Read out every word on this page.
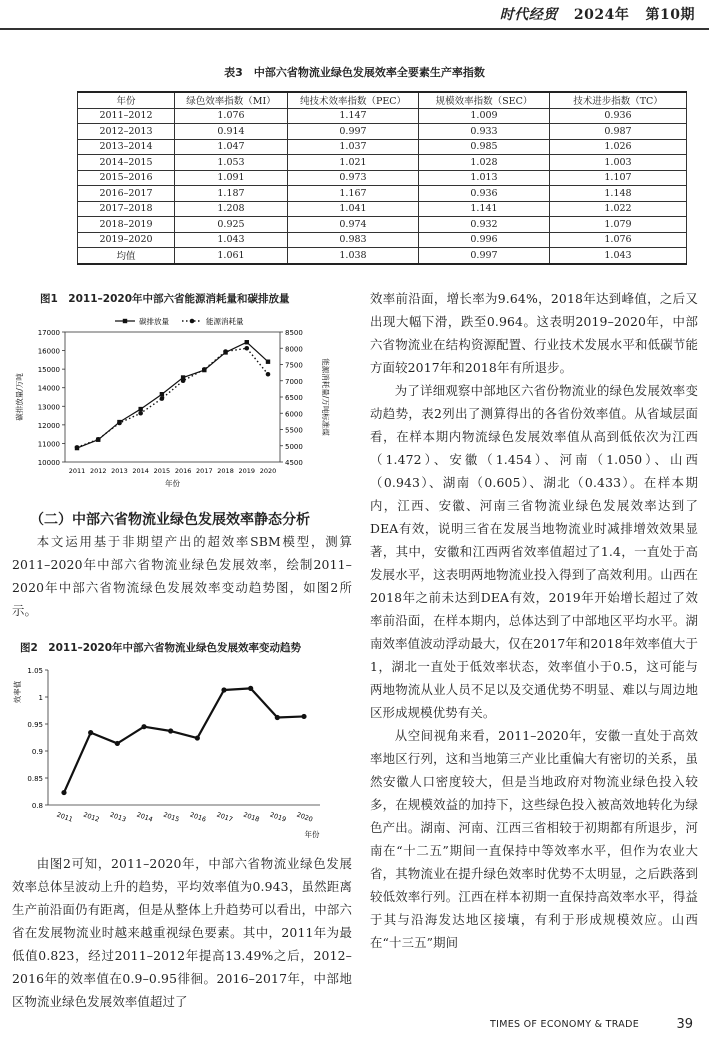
时代经贸 2024年 第10期
表3　中部六省物流业绿色发展效率全要素生产率指数
年份	绿色效率指数（MI）	纯技术效率指数（PEC）	规模效率指数（SEC）	技术进步指数（TC）
2011–2012	1.076	1.147	1.009	0.936
2012–2013	0.914	0.997	0.933	0.987
2013–2014	1.047	1.037	0.985	1.026
2014–2015	1.053	1.021	1.028	1.003
2015–2016	1.091	0.973	1.013	1.107
2016–2017	1.187	1.167	0.936	1.148
2017–2018	1.208	1.041	1.141	1.022
2018–2019	0.925	0.974	0.932	1.079
2019–2020	1.043	0.983	0.996	1.076
均值	1.061	1.038	0.997	1.043
图1　2011–2020年中部六省能源消耗量和碳排放量
10000
11000
12000
13000
14000
15000
16000
17000
4500
5000
5500
6000
6500
7000
7500
8000
8500
2011 2012 2013 2014 2015 2016 2017 2018 2019 2020
年份
碳排放量/万吨	能源消耗量/万吨标准煤
碳排放量	能源消耗量
（二）中部六省物流业绿色发展效率静态分析

本文运用基于非期望产出的超效率SBM模型，测算2011–2020年中部六省物流业绿色发展效率，绘制2011–2020年中部六省物流绿色发展效率变动趋势图，如图2所示。

图2　2011–2020年中部六省物流业绿色发展效率变动趋势
0.8
0.85
0.9
0.95
1
1.05
2011 2012 2013 2014 2015 2016 2017 2018 2019 2020
年份
效率值

由图2可知，2011–2020年，中部六省物流业绿色发展效率总体呈波动上升的趋势，平均效率值为0.943，虽然距离生产前沿面仍有距离，但是从整体上升趋势可以看出，中部六省在发展物流业时越来越重视绿色要素。其中，2011年为最低值0.823，经过2011–2012年提高13.49%之后，2012–2016年的效率值在0.9–0.95徘徊。2016–2017年，中部地区物流业绿色发展效率值超过了

效率前沿面，增长率为9.64%，2018年达到峰值，之后又出现大幅下滑，跌至0.964。这表明2019–2020年，中部六省物流业在结构资源配置、行业技术发展水平和低碳节能方面较2017年和2018年有所退步。

为了详细观察中部地区六省份物流业的绿色发展效率变动趋势，表2列出了测算得出的各省份效率值。从省域层面看，在样本期内物流绿色发展效率值从高到低依次为江西（1.472）、安徽（1.454）、河南（1.050）、山西（0.943）、湖南（0.605）、湖北（0.433）。在样本期内，江西、安徽、河南三省物流业绿色发展效率达到了DEA有效，说明三省在发展当地物流业时减排增效效果显著，其中，安徽和江西两省效率值超过了1.4，一直处于高发展水平，这表明两地物流业投入得到了高效利用。山西在2018年之前未达到DEA有效，2019年开始增长超过了效率前沿面，在样本期内，总体达到了中部地区平均水平。湖南效率值波动浮动最大，仅在2017年和2018年效率值大于1，湖北一直处于低效率状态，效率值小于0.5，这可能与两地物流从业人员不足以及交通优势不明显、难以与周边地区形成规模优势有关。

从空间视角来看，2011–2020年，安徽一直处于高效率地区行列，这和当地第三产业比重偏大有密切的关系，虽然安徽人口密度较大，但是当地政府对物流业绿色投入较多，在规模效益的加持下，这些绿色投入被高效地转化为绿色产出。湖南、河南、江西三省相较于初期都有所退步，河南在“十二五”期间一直保持中等效率水平，但作为农业大省，其物流业在提升绿色效率时优势不太明显，之后跌落到较低效率行列。江西在样本初期一直保持高效率水平，得益于其与沿海发达地区接壤，有利于形成规模效应。山西在“十三五”期间

TIMES OF ECONOMY & TRADE	39
